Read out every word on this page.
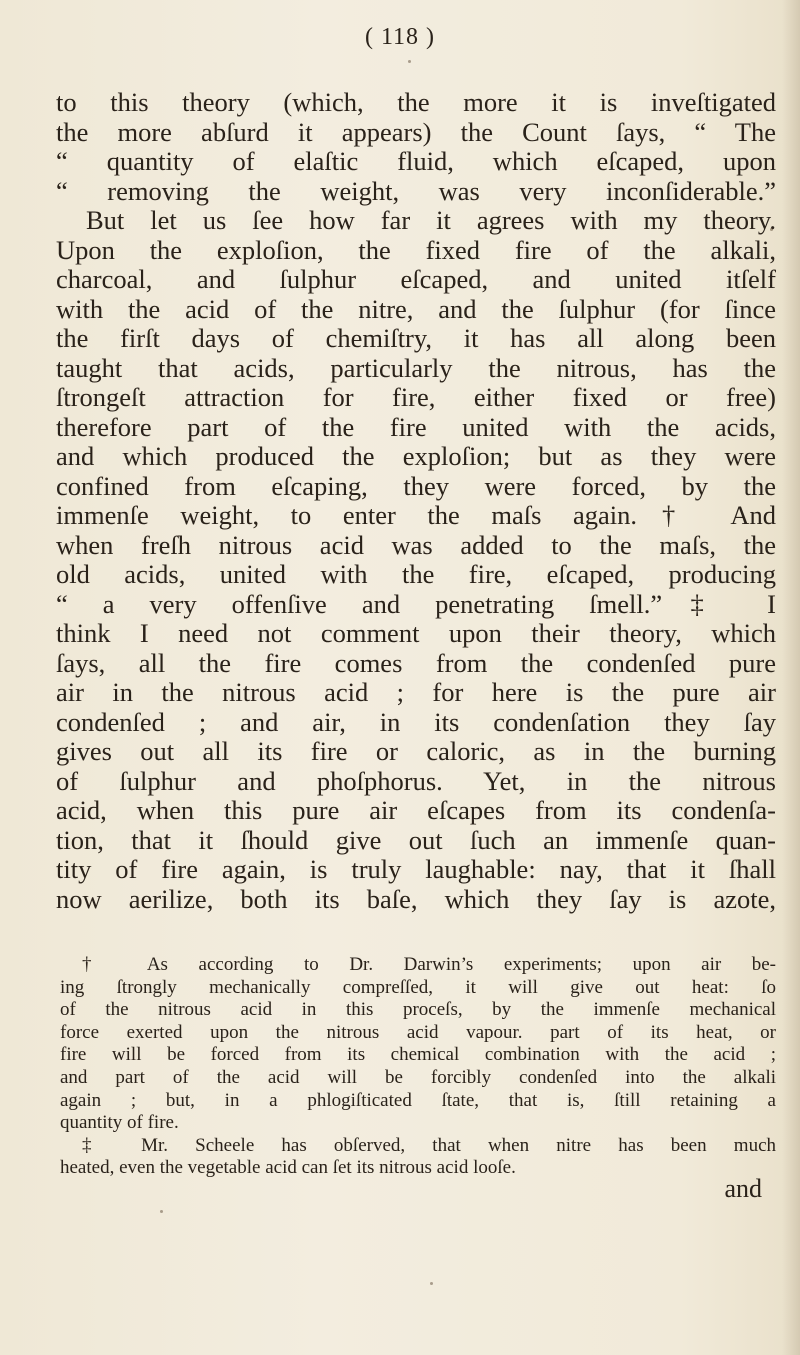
( 118 )
to this theory (which, the more it is inveſtigated
the more abſurd it appears) the Count ſays, “ The
“ quantity of elaſtic fluid, which eſcaped, upon
“ removing the weight, was very inconſiderable.”
But let us ſee how far it agrees with my theory.
Upon the exploſion, the fixed fire of the alkali,
charcoal, and ſulphur eſcaped, and united itſelf
with the acid of the nitre, and the ſulphur (for ſince
the firſt days of chemiſtry, it has all along been
taught that acids, particularly the nitrous, has the
ſtrongeſt attraction for fire, either fixed or free)
therefore part of the fire united with the acids,
and which produced the exploſion; but as they were
confined from eſcaping, they were forced, by the
immenſe weight, to enter the maſs again.† And
when freſh nitrous acid was added to the maſs, the
old acids, united with the fire, eſcaped, producing
“ a very offenſive and penetrating ſmell.”‡ I
think I need not comment upon their theory, which
ſays, all the fire comes from the condenſed pure
air in the nitrous acid ; for here is the pure air
condenſed ; and air, in its condenſation they ſay
gives out all its fire or caloric, as in the burning
of ſulphur and phoſphorus. Yet, in the nitrous
acid, when this pure air eſcapes from its condenſa-
tion, that it ſhould give out ſuch an immenſe quan-
tity of fire again, is truly laughable: nay, that it ſhall
now aerilize, both its baſe, which they ſay is azote,
† As according to Dr. Darwin’s experiments; upon air be-
ing ſtrongly mechanically compreſſed, it will give out heat: ſo
of the nitrous acid in this proceſs, by the immenſe mechanical
force exerted upon the nitrous acid vapour. part of its heat, or
fire will be forced from its chemical combination with the acid ;
and part of the acid will be forcibly condenſed into the alkali
again ; but, in a phlogiſticated ſtate, that is, ſtill retaining a
quantity of fire.
‡ Mr. Scheele has obſerved, that when nitre has been much
heated, even the vegetable acid can ſet its nitrous acid looſe.
and
